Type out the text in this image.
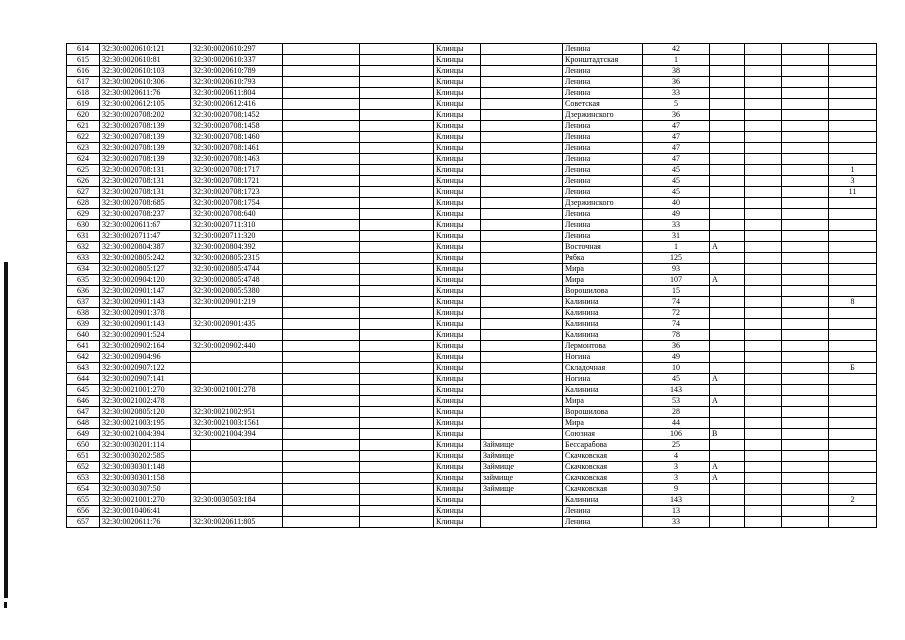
614	32:30:0020610:121	32:30:0020610:297			Клинцы		Ленина	42				
615	32:30:0020610:81	32:30:0020610:337			Клинцы		Кронштадтская	1				
616	32:30:0020610:103	32:30:0020610:789			Клинцы		Ленина	38				
617	32:30:0020610:306	32:30:0020610:793			Клинцы		Ленина	36				
618	32:30:0020611:76	32:30:0020611:804			Клинцы		Ленина	33				
619	32:30:0020612:105	32:30:0020612:416			Клинцы		Советская	5				
620	32:30:0020708:202	32:30:0020708:1452			Клинцы		Дзержинского	36				
621	32:30:0020708:139	32:30:0020708:1458			Клинцы		Ленина	47				
622	32:30:0020708:139	32:30:0020708:1460			Клинцы		Ленина	47				
623	32:30:0020708:139	32:30:0020708:1461			Клинцы		Ленина	47				
624	32:30:0020708:139	32:30:0020708:1463			Клинцы		Ленина	47				
625	32:30:0020708:131	32:30:0020708:1717			Клинцы		Ленина	45				1
626	32:30:0020708:131	32:30:0020708:1721			Клинцы		Ленина	45				3
627	32:30:0020708:131	32:30:0020708:1723			Клинцы		Ленина	45				11
628	32:30:0020708:685	32:30:0020708:1754			Клинцы		Дзержинского	40				
629	32:30:0020708:237	32:30:0020708:640			Клинцы		Ленина	49				
630	32:30:0020611:67	32:30:0020711:310			Клинцы		Ленина	33				
631	32:30:0020711:47	32:30:0020711:320			Клинцы		Ленина	31				
632	32:30:0020804:387	32:30:0020804:392			Клинцы		Восточная	1	А			
633	32:30:0020805:242	32:30:0020805:2315			Клинцы		Рябка	125				
634	32:30:0020805:127	32:30:0020805:4744			Клинцы		Мира	93				
635	32:30:0020904:120	32:30:0020805:4748			Клинцы		Мира	107	А			
636	32:30:0020901:147	32:30:0020805:5380			Клинцы		Ворошилова	15				
637	32:30:0020901:143	32:30:0020901:219			Клинцы		Калинина	74				8
638	32:30:0020901:378				Клинцы		Калинина	72				
639	32:30:0020901:143	32:30:0020901:435			Клинцы		Калинина	74				
640	32:30:0020901:524				Клинцы		Калинина	78				
641	32:30:0020902:164	32:30:0020902:440			Клинцы		Лермонтова	36				
642	32:30:0020904:96				Клинцы		Ногина	49				
643	32:30:0020907:122				Клинцы		Складочная	10				Б
644	32:30:0020907:141				Клинцы		Ногина	45	А			
645	32:30:0021001:270	32:30:0021001:278			Клинцы		Калинина	143				
646	32:30:0021002:478				Клинцы		Мира	53	А			
647	32:30:0020805:120	32:30:0021002:951			Клинцы		Ворошилова	28				
648	32:30:0021003:195	32:30:0021003:1561			Клинцы		Мира	44				
649	32:30:0021004:394	32:30:0021004:394			Клинцы		Союзная	106	В			
650	32:30:0030201:114				Клинцы	Займище	Бессарабова	25				
651	32:30:0030202:585				Клинцы	Займище	Скачковская	4				
652	32:30:0030301:148				Клинцы	Займище	Скачковская	3	А			
653	32:30:0030301:158				Клинцы	займище	Скачковская	3	А			
654	32:30:0030307:50				Клинцы	Займище	Скачковская	9				
655	32:30:0021001:270	32:30:0030503:184			Клинцы		Калинина	143				2
656	32:30:0010406:41				Клинцы		Ленина	13				
657	32:30:0020611:76	32:30:0020611:805			Клинцы		Ленина	33				
